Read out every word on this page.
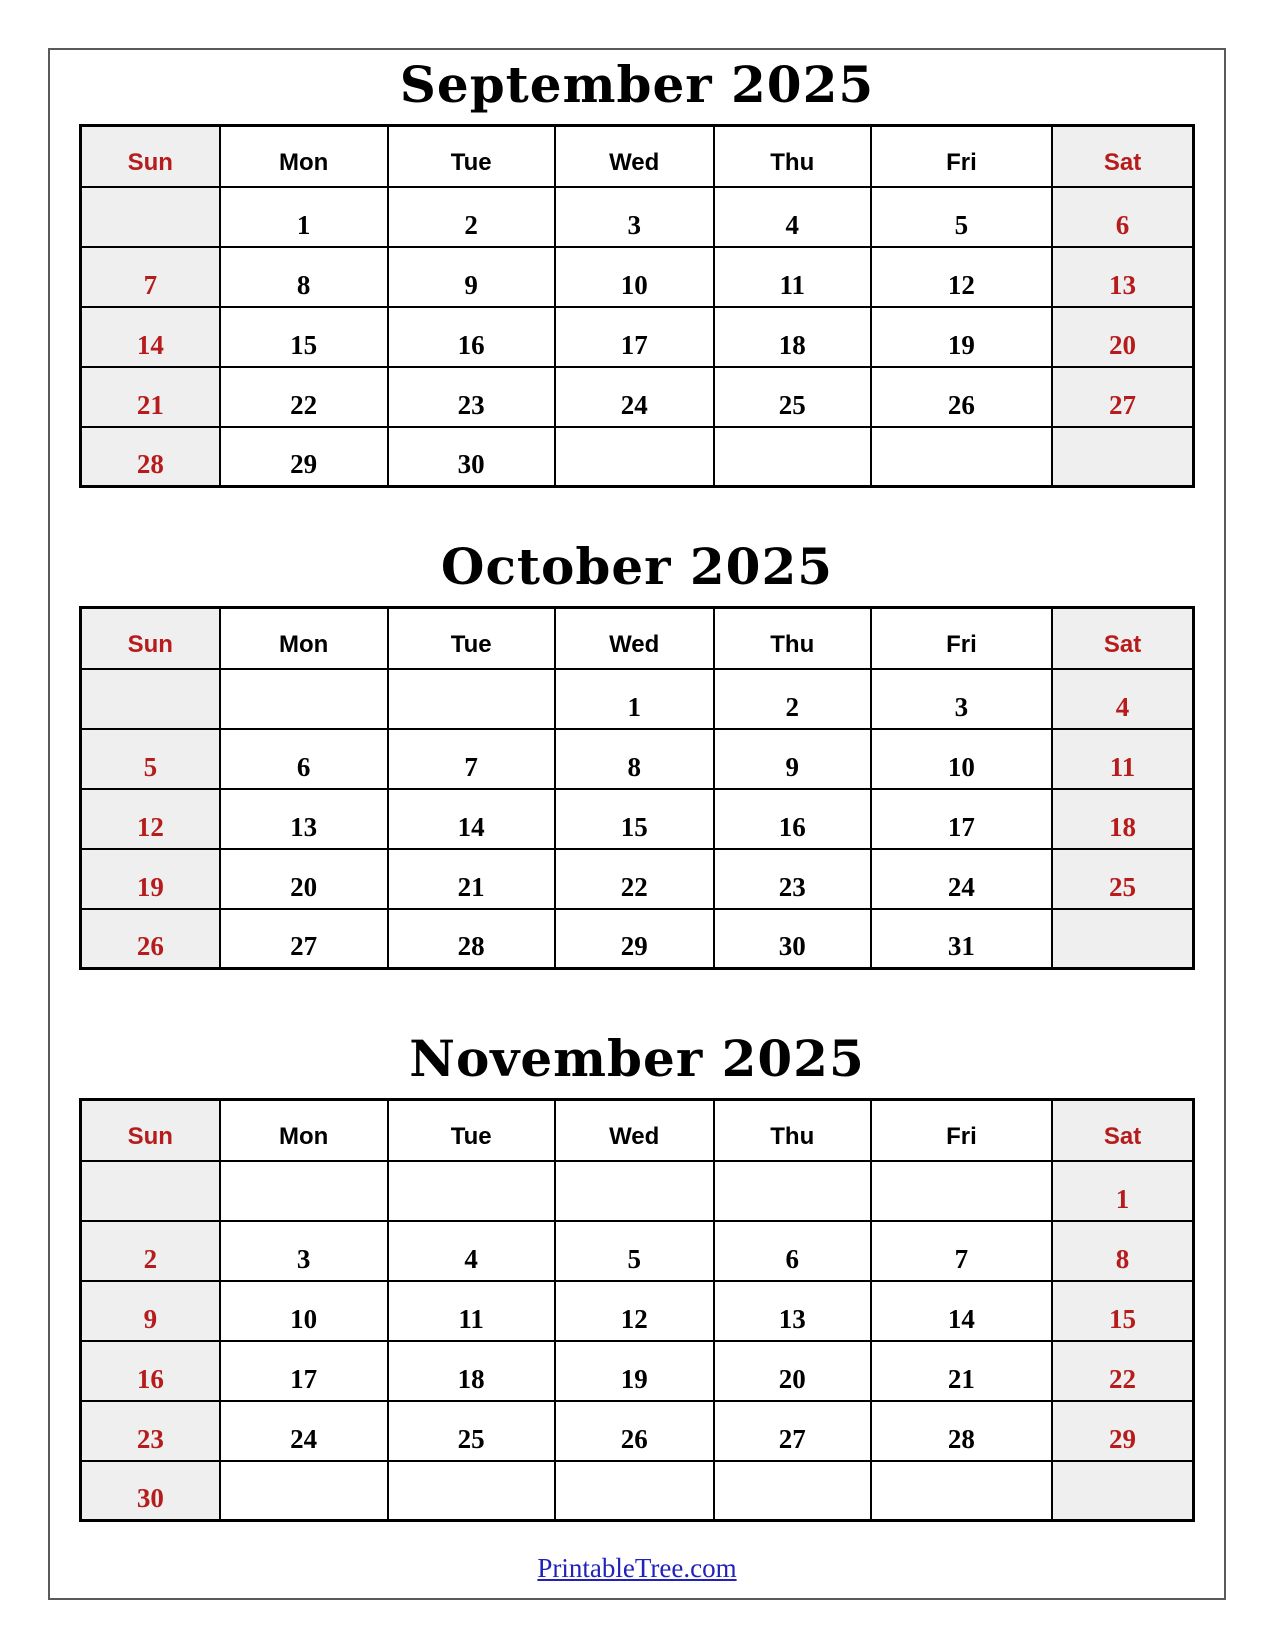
September 2025
Sun	Mon	Tue	Wed	Thu	Fri	Sat
	1	2	3	4	5	6
7	8	9	10	11	12	13
14	15	16	17	18	19	20
21	22	23	24	25	26	27
28	29	30				
October 2025
Sun	Mon	Tue	Wed	Thu	Fri	Sat
			1	2	3	4
5	6	7	8	9	10	11
12	13	14	15	16	17	18
19	20	21	22	23	24	25
26	27	28	29	30	31	
November 2025
Sun	Mon	Tue	Wed	Thu	Fri	Sat
						1
2	3	4	5	6	7	8
9	10	11	12	13	14	15
16	17	18	19	20	21	22
23	24	25	26	27	28	29
30						
PrintableTree.com
